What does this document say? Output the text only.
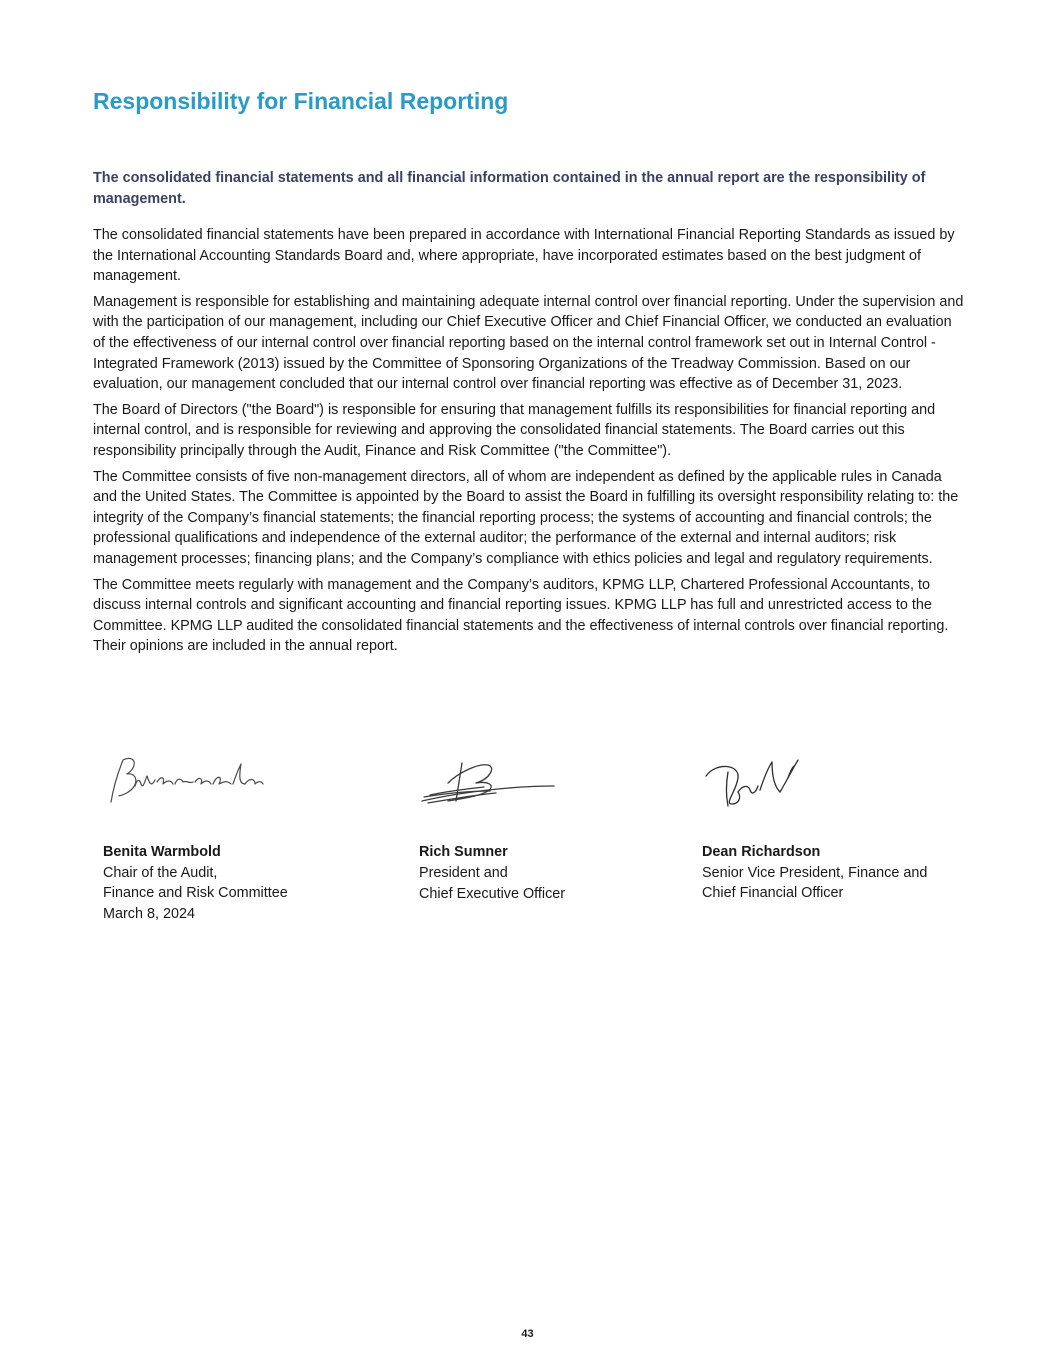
Responsibility for Financial Reporting

The consolidated financial statements and all financial information contained in the annual report are the responsibility of management.

The consolidated financial statements have been prepared in accordance with International Financial Reporting Standards as issued by the International Accounting Standards Board and, where appropriate, have incorporated estimates based on the best judgment of management.

Management is responsible for establishing and maintaining adequate internal control over financial reporting. Under the supervision and with the participation of our management, including our Chief Executive Officer and Chief Financial Officer, we conducted an evaluation of the effectiveness of our internal control over financial reporting based on the internal control framework set out in Internal Control - Integrated Framework (2013) issued by the Committee of Sponsoring Organizations of the Treadway Commission. Based on our evaluation, our management concluded that our internal control over financial reporting was effective as of December 31, 2023.

The Board of Directors ("the Board") is responsible for ensuring that management fulfills its responsibilities for financial reporting and internal control, and is responsible for reviewing and approving the consolidated financial statements. The Board carries out this responsibility principally through the Audit, Finance and Risk Committee ("the Committee").

The Committee consists of five non-management directors, all of whom are independent as defined by the applicable rules in Canada and the United States. The Committee is appointed by the Board to assist the Board in fulfilling its oversight responsibility relating to: the integrity of the Company’s financial statements; the financial reporting process; the systems of accounting and financial controls; the professional qualifications and independence of the external auditor; the performance of the external and internal auditors; risk management processes; financing plans; and the Company’s compliance with ethics policies and legal and regulatory requirements.

The Committee meets regularly with management and the Company’s auditors, KPMG LLP, Chartered Professional Accountants, to discuss internal controls and significant accounting and financial reporting issues. KPMG LLP has full and unrestricted access to the Committee. KPMG LLP audited the consolidated financial statements and the effectiveness of internal controls over financial reporting. Their opinions are included in the annual report.

Benita Warmbold
Chair of the Audit,
Finance and Risk Committee
March 8, 2024
Rich Sumner
President and
Chief Executive Officer
Dean Richardson
Senior Vice President, Finance and
Chief Financial Officer
43
